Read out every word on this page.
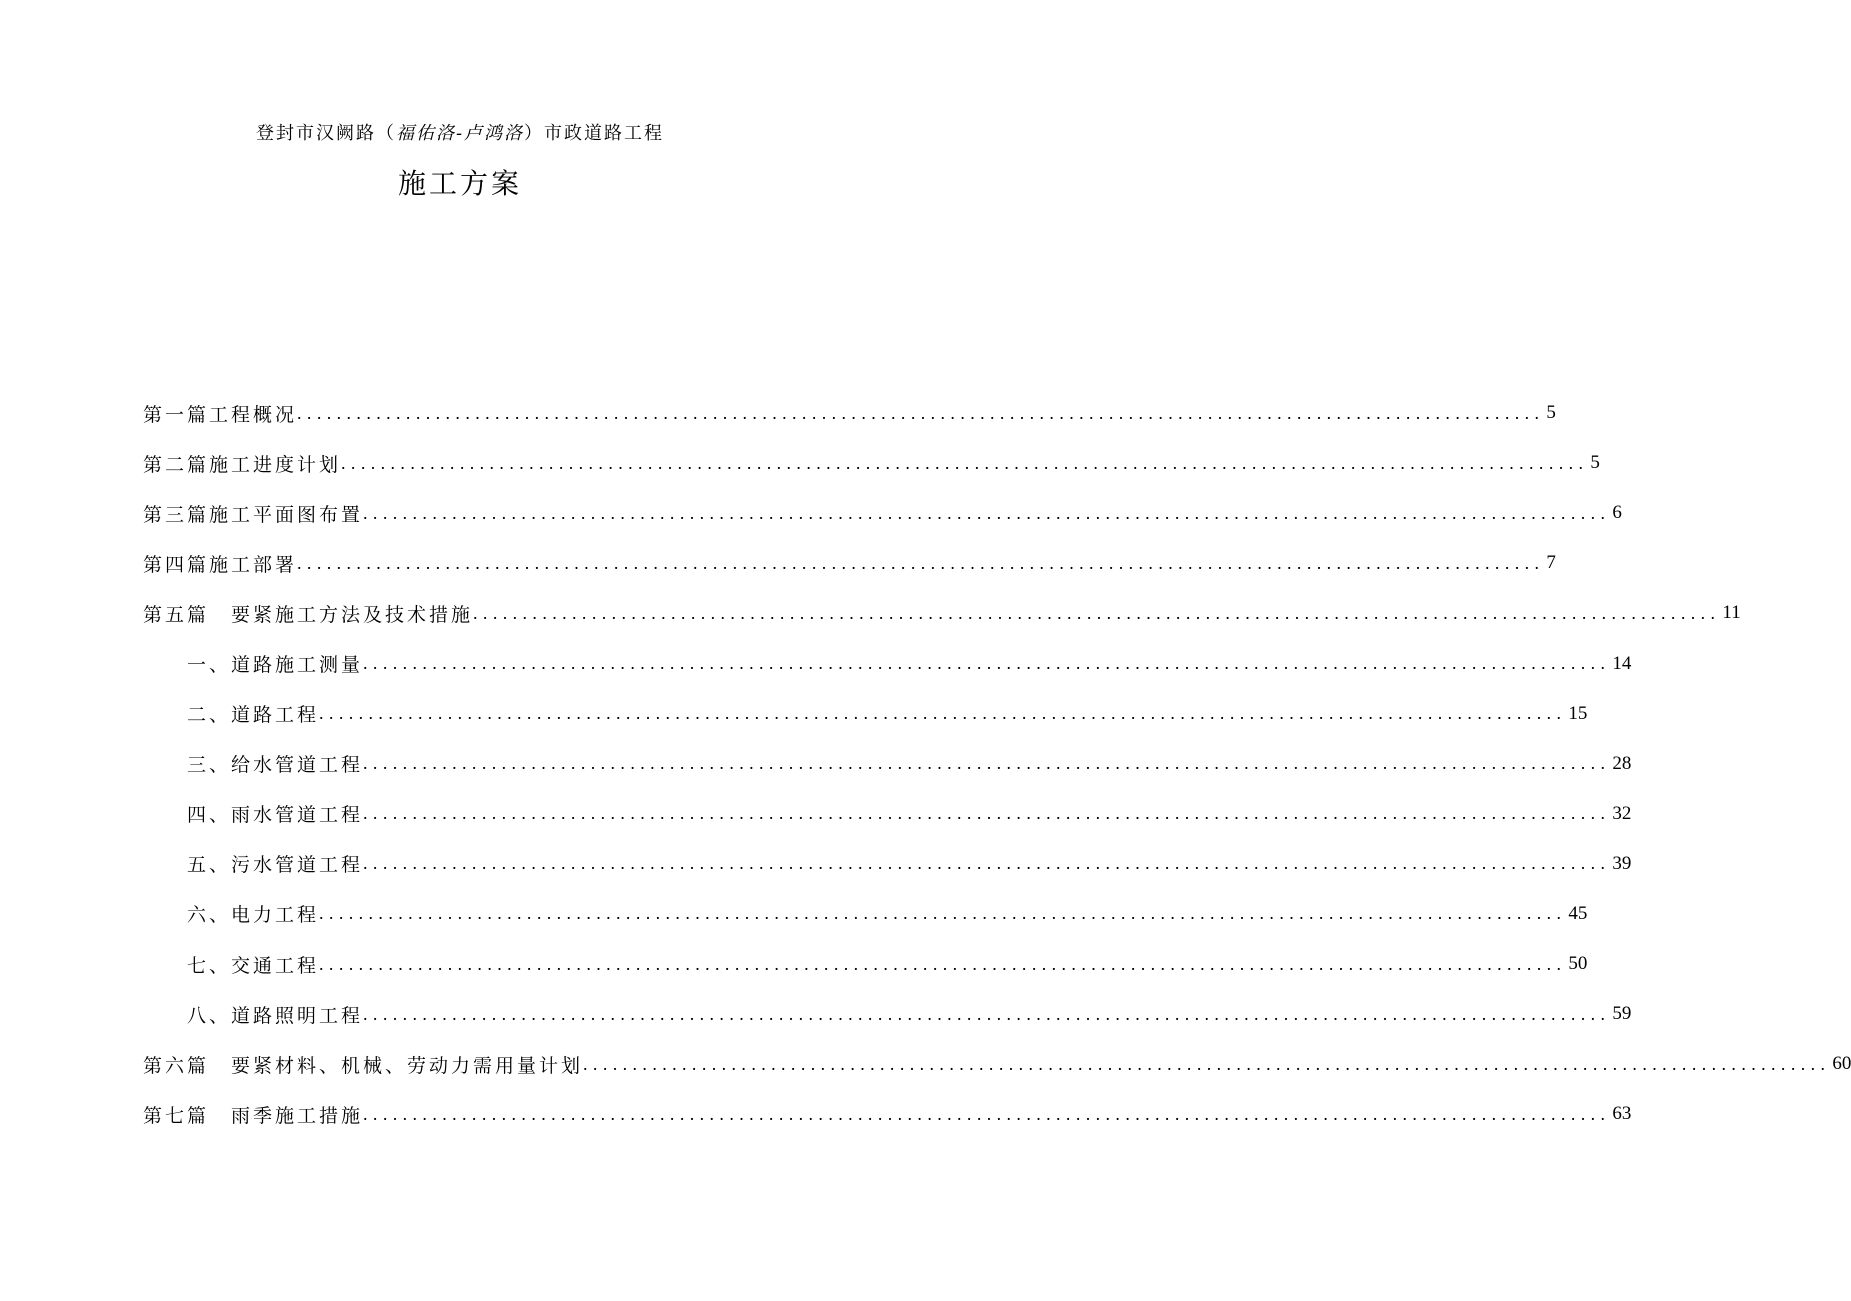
登封市汉阙路（福佑洛-卢鸿洛）市政道路工程
施工方案
第一篇工程概况 .............................................................................................................................. 5
第二篇施工进度计划 .............................................................................................................................. 5
第三篇施工平面图布置 .............................................................................................................................. 6
第四篇施工部署 .............................................................................................................................. 7
第五篇　要紧施工方法及技术措施 .............................................................................................................................. 11
一、道路施工测量 .............................................................................................................................. 14
二、道路工程 .............................................................................................................................. 15
三、给水管道工程 .............................................................................................................................. 28
四、雨水管道工程 .............................................................................................................................. 32
五、污水管道工程 .............................................................................................................................. 39
六、电力工程 .............................................................................................................................. 45
七、交通工程 .............................................................................................................................. 50
八、道路照明工程 .............................................................................................................................. 59
第六篇　要紧材料、机械、劳动力需用量计划 .............................................................................................................................. 60
第七篇　雨季施工措施 .............................................................................................................................. 63
